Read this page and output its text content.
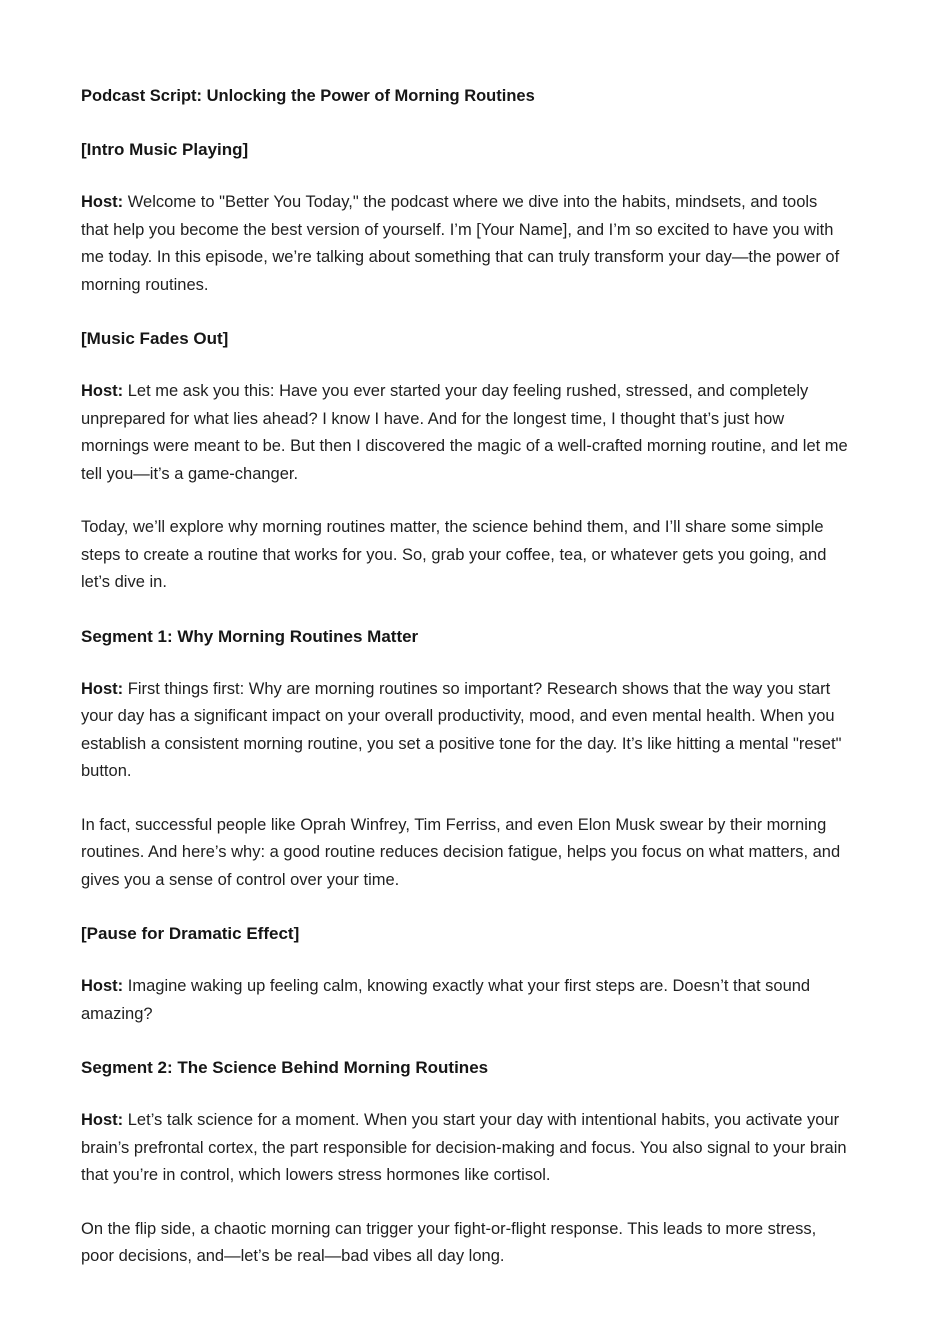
Podcast Script: Unlocking the Power of Morning Routines
[Intro Music Playing]
Host: Welcome to "Better You Today," the podcast where we dive into the habits, mindsets, and tools that help you become the best version of yourself. I’m [Your Name], and I’m so excited to have you with me today. In this episode, we’re talking about something that can truly transform your day—the power of morning routines.
[Music Fades Out]
Host: Let me ask you this: Have you ever started your day feeling rushed, stressed, and completely unprepared for what lies ahead? I know I have. And for the longest time, I thought that’s just how mornings were meant to be. But then I discovered the magic of a well-crafted morning routine, and let me tell you—it’s a game-changer.
Today, we’ll explore why morning routines matter, the science behind them, and I’ll share some simple steps to create a routine that works for you. So, grab your coffee, tea, or whatever gets you going, and let’s dive in.
Segment 1: Why Morning Routines Matter
Host: First things first: Why are morning routines so important? Research shows that the way you start your day has a significant impact on your overall productivity, mood, and even mental health. When you establish a consistent morning routine, you set a positive tone for the day. It’s like hitting a mental "reset" button.
In fact, successful people like Oprah Winfrey, Tim Ferriss, and even Elon Musk swear by their morning routines. And here’s why: a good routine reduces decision fatigue, helps you focus on what matters, and gives you a sense of control over your time.
[Pause for Dramatic Effect]
Host: Imagine waking up feeling calm, knowing exactly what your first steps are. Doesn’t that sound amazing?
Segment 2: The Science Behind Morning Routines
Host: Let’s talk science for a moment. When you start your day with intentional habits, you activate your brain’s prefrontal cortex, the part responsible for decision-making and focus. You also signal to your brain that you’re in control, which lowers stress hormones like cortisol.
On the flip side, a chaotic morning can trigger your fight-or-flight response. This leads to more stress, poor decisions, and—let’s be real—bad vibes all day long.
